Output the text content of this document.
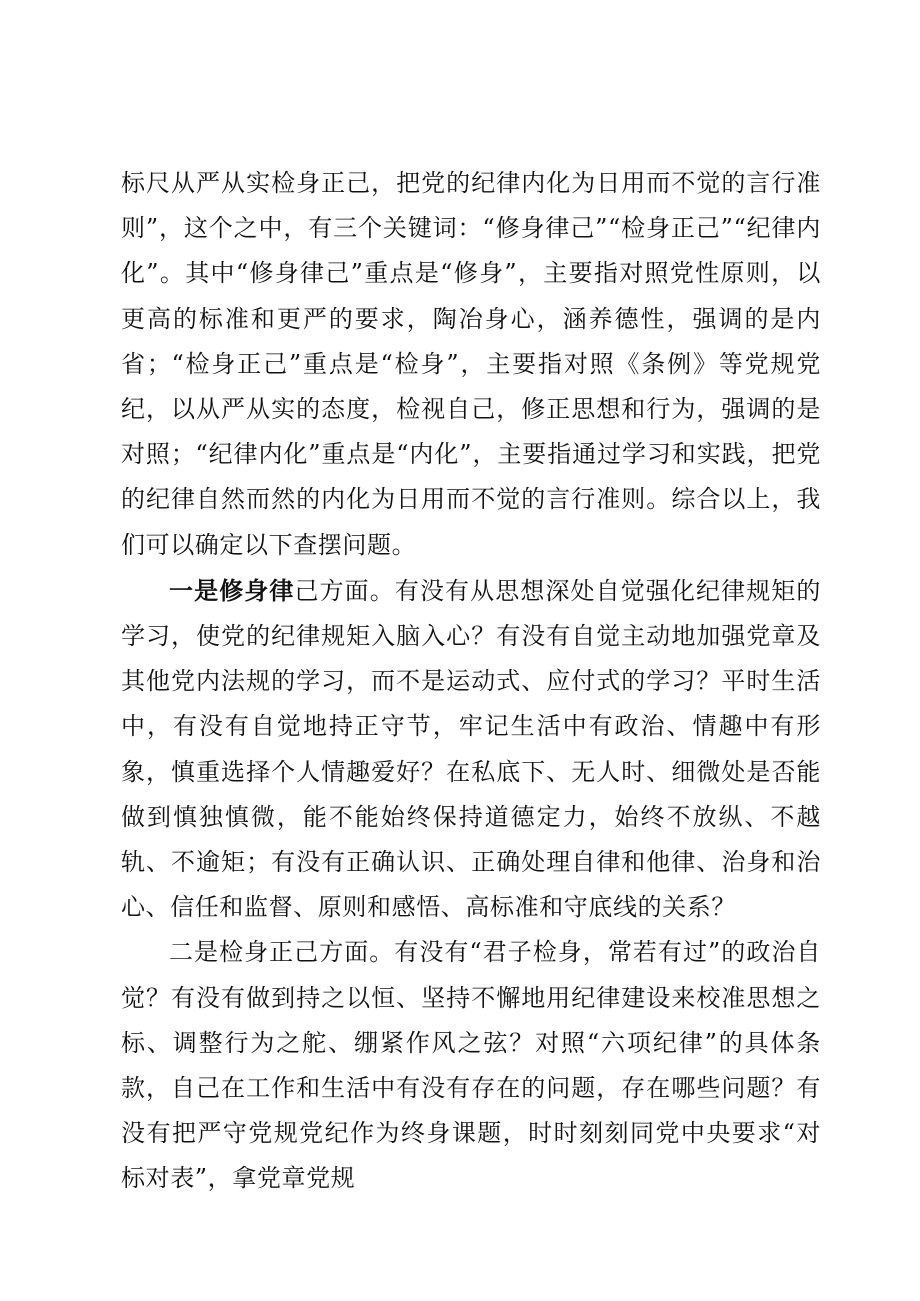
标尺从严从实检身正己，把党的纪律内化为日用而不觉的言行准则”，这个之中，有三个关键词：“修身律己”“检身正己”“纪律内化”。其中“修身律己”重点是“修身”，主要指对照党性原则，以更高的标准和更严的要求，陶冶身心，涵养德性，强调的是内省；“检身正己”重点是“检身”，主要指对照《条例》等党规党纪，以从严从实的态度，检视自己，修正思想和行为，强调的是对照；“纪律内化”重点是“内化”，主要指通过学习和实践，把党的纪律自然而然的内化为日用而不觉的言行准则。综合以上，我们可以确定以下查摆问题。

一是修身律己方面。有没有从思想深处自觉强化纪律规矩的学习，使党的纪律规矩入脑入心？有没有自觉主动地加强党章及其他党内法规的学习，而不是运动式、应付式的学习？平时生活中，有没有自觉地持正守节，牢记生活中有政治、情趣中有形象，慎重选择个人情趣爱好？在私底下、无人时、细微处是否能做到慎独慎微，能不能始终保持道德定力，始终不放纵、不越轨、不逾矩；有没有正确认识、正确处理自律和他律、治身和治心、信任和监督、原则和感悟、高标准和守底线的关系？

二是检身正己方面。有没有“君子检身，常若有过”的政治自觉？有没有做到持之以恒、坚持不懈地用纪律建设来校准思想之标、调整行为之舵、绷紧作风之弦？对照“六项纪律”的具体条款，自己在工作和生活中有没有存在的问题，存在哪些问题？有没有把严守党规党纪作为终身课题，时时刻刻同党中央要求“对标对表”，拿党章党规
